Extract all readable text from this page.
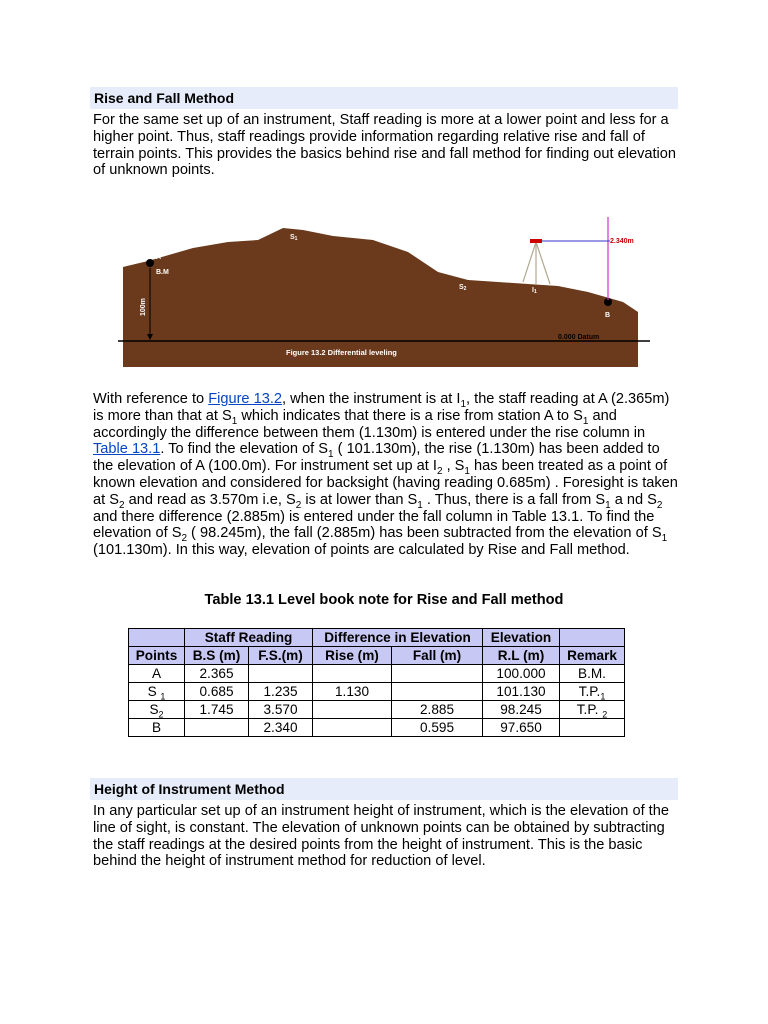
Rise and Fall Method

For the same set up of an instrument, Staff reading is more at a lower point and less for a higher point. Thus, staff readings provide information regarding relative rise and fall of terrain points. This provides the basics behind rise and fall method for finding out elevation of unknown points.

A
B.M
S1
S2	I1
B
2.340m
100m
0.000 Datum
Figure 13.2 Differential leveling

With reference to Figure 13.2, when the instrument is at $I_1$, the staff reading at A (2.365m) is more than that at $S_1$ which indicates that there is a rise from station A to $S_1$ and accordingly the difference between them (1.130m) is entered under the rise column in Table 13.1. To find the elevation of $S_1$ ( 101.130m), the rise (1.130m) has been added to the elevation of A (100.0m). For instrument set up at $I_2$ , $S_1$ has been treated as a point of known elevation and considered for backsight (having reading 0.685m) . Foresight is taken at $S_2$ and read as 3.570m i.e, $S_2$ is at lower than $S_1$ . Thus, there is a fall from $S_1$ a nd $S_2$ and there difference (2.885m) is entered under the fall column in Table 13.1. To find the elevation of $S_2$ ( 98.245m), the fall (2.885m) has been subtracted from the elevation of $S_1$ (101.130m). In this way, elevation of points are calculated by Rise and Fall method.

Table 13.1 Level book note for Rise and Fall method
	Staff Reading		Difference in Elevation		Elevation	
Points	B.S (m)	F.S.(m)	Rise (m)	Fall (m)	R.L (m)	Remark
A	2.365				100.000	B.M.
S $_1$	0.685	1.235	1.130		101.130	$T.P._1$
$S_2$	1.745	3.570		2.885	98.245	T.P. $_2$
B		2.340		0.595	97.650	
Height of Instrument Method

In any particular set up of an instrument height of instrument, which is the elevation of the line of sight, is constant. The elevation of unknown points can be obtained by subtracting the staff readings at the desired points from the height of instrument. This is the basic behind the height of instrument method for reduction of level.
